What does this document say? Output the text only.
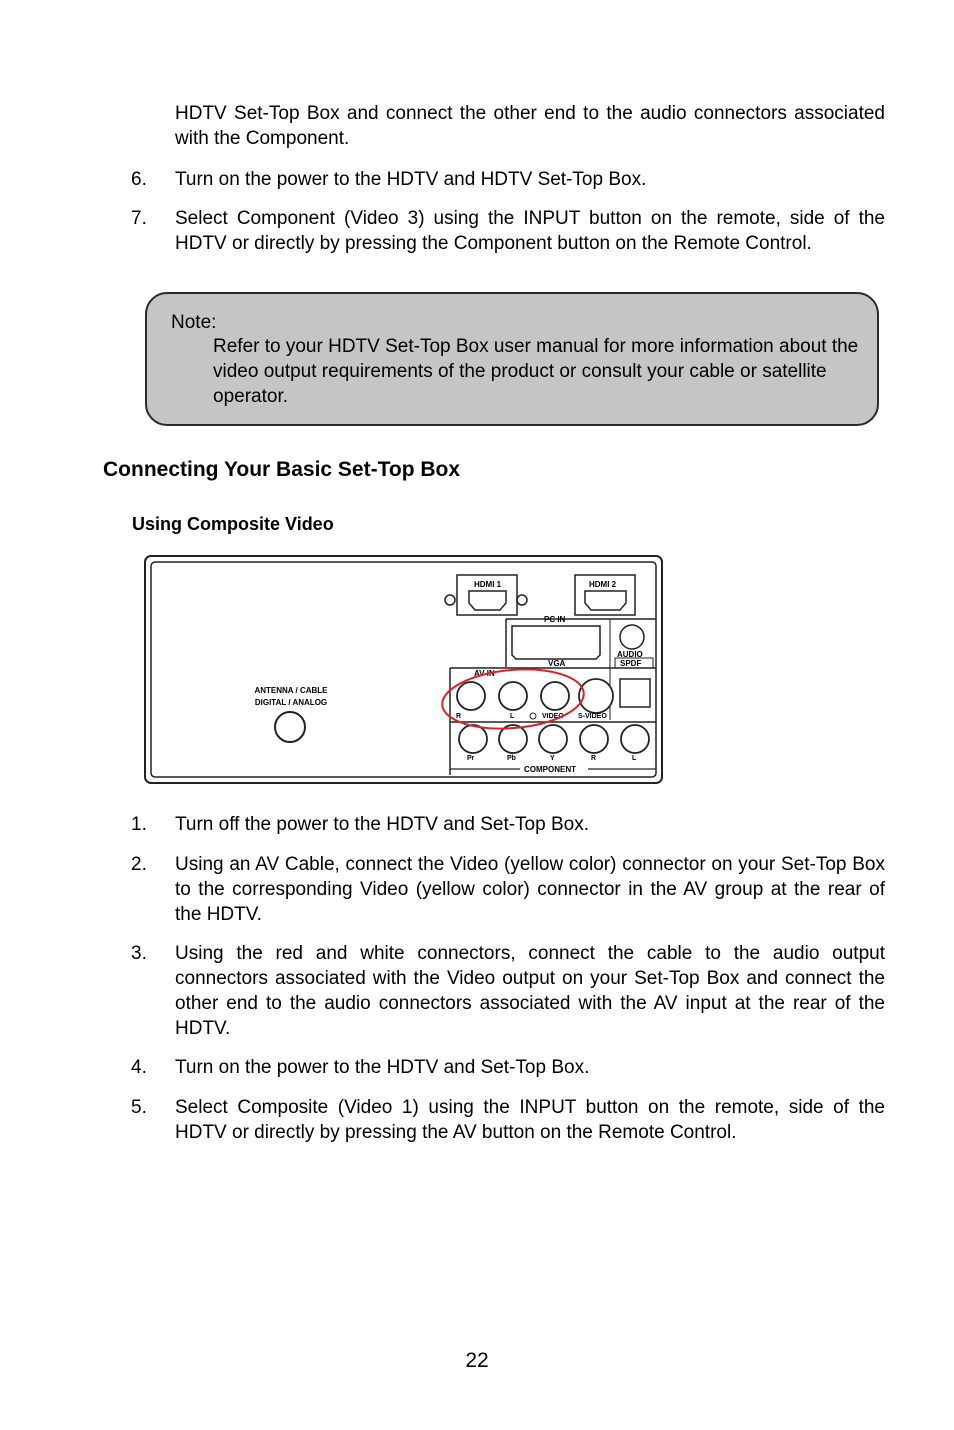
HDTV Set-Top Box and connect the other end to the audio connectors associated with the Component.
6. Turn on the power to the HDTV and HDTV Set-Top Box.
7. Select Component (Video 3) using the INPUT button on the remote, side of the HDTV or directly by pressing the Component button on the Remote Control.
Note:
Refer to your HDTV Set-Top Box user manual for more information about the video output requirements of the product or consult your cable or satellite operator.
Connecting Your Basic Set-Top Box
Using Composite Video
ANTENNA / CABLE
DIGITAL / ANALOG
HDMI 1	HDMI 2
PC IN
VGA
AUDIO
SPDF
AV IN
R	L	VIDEO S-VIDEO
Pr	Pb	Y	R	L
COMPONENT
1. Turn off the power to the HDTV and Set-Top Box.
2. Using an AV Cable, connect the Video (yellow color) connector on your Set-Top Box to the corresponding Video (yellow color) connector in the AV group at the rear of the HDTV.
3. Using the red and white connectors, connect the cable to the audio output connectors associated with the Video output on your Set-Top Box and connect the other end to the audio connectors associated with the AV input at the rear of the HDTV.
4. Turn on the power to the HDTV and Set-Top Box.
5. Select Composite (Video 1) using the INPUT button on the remote, side of the HDTV or directly by pressing the AV button on the Remote Control.
22
